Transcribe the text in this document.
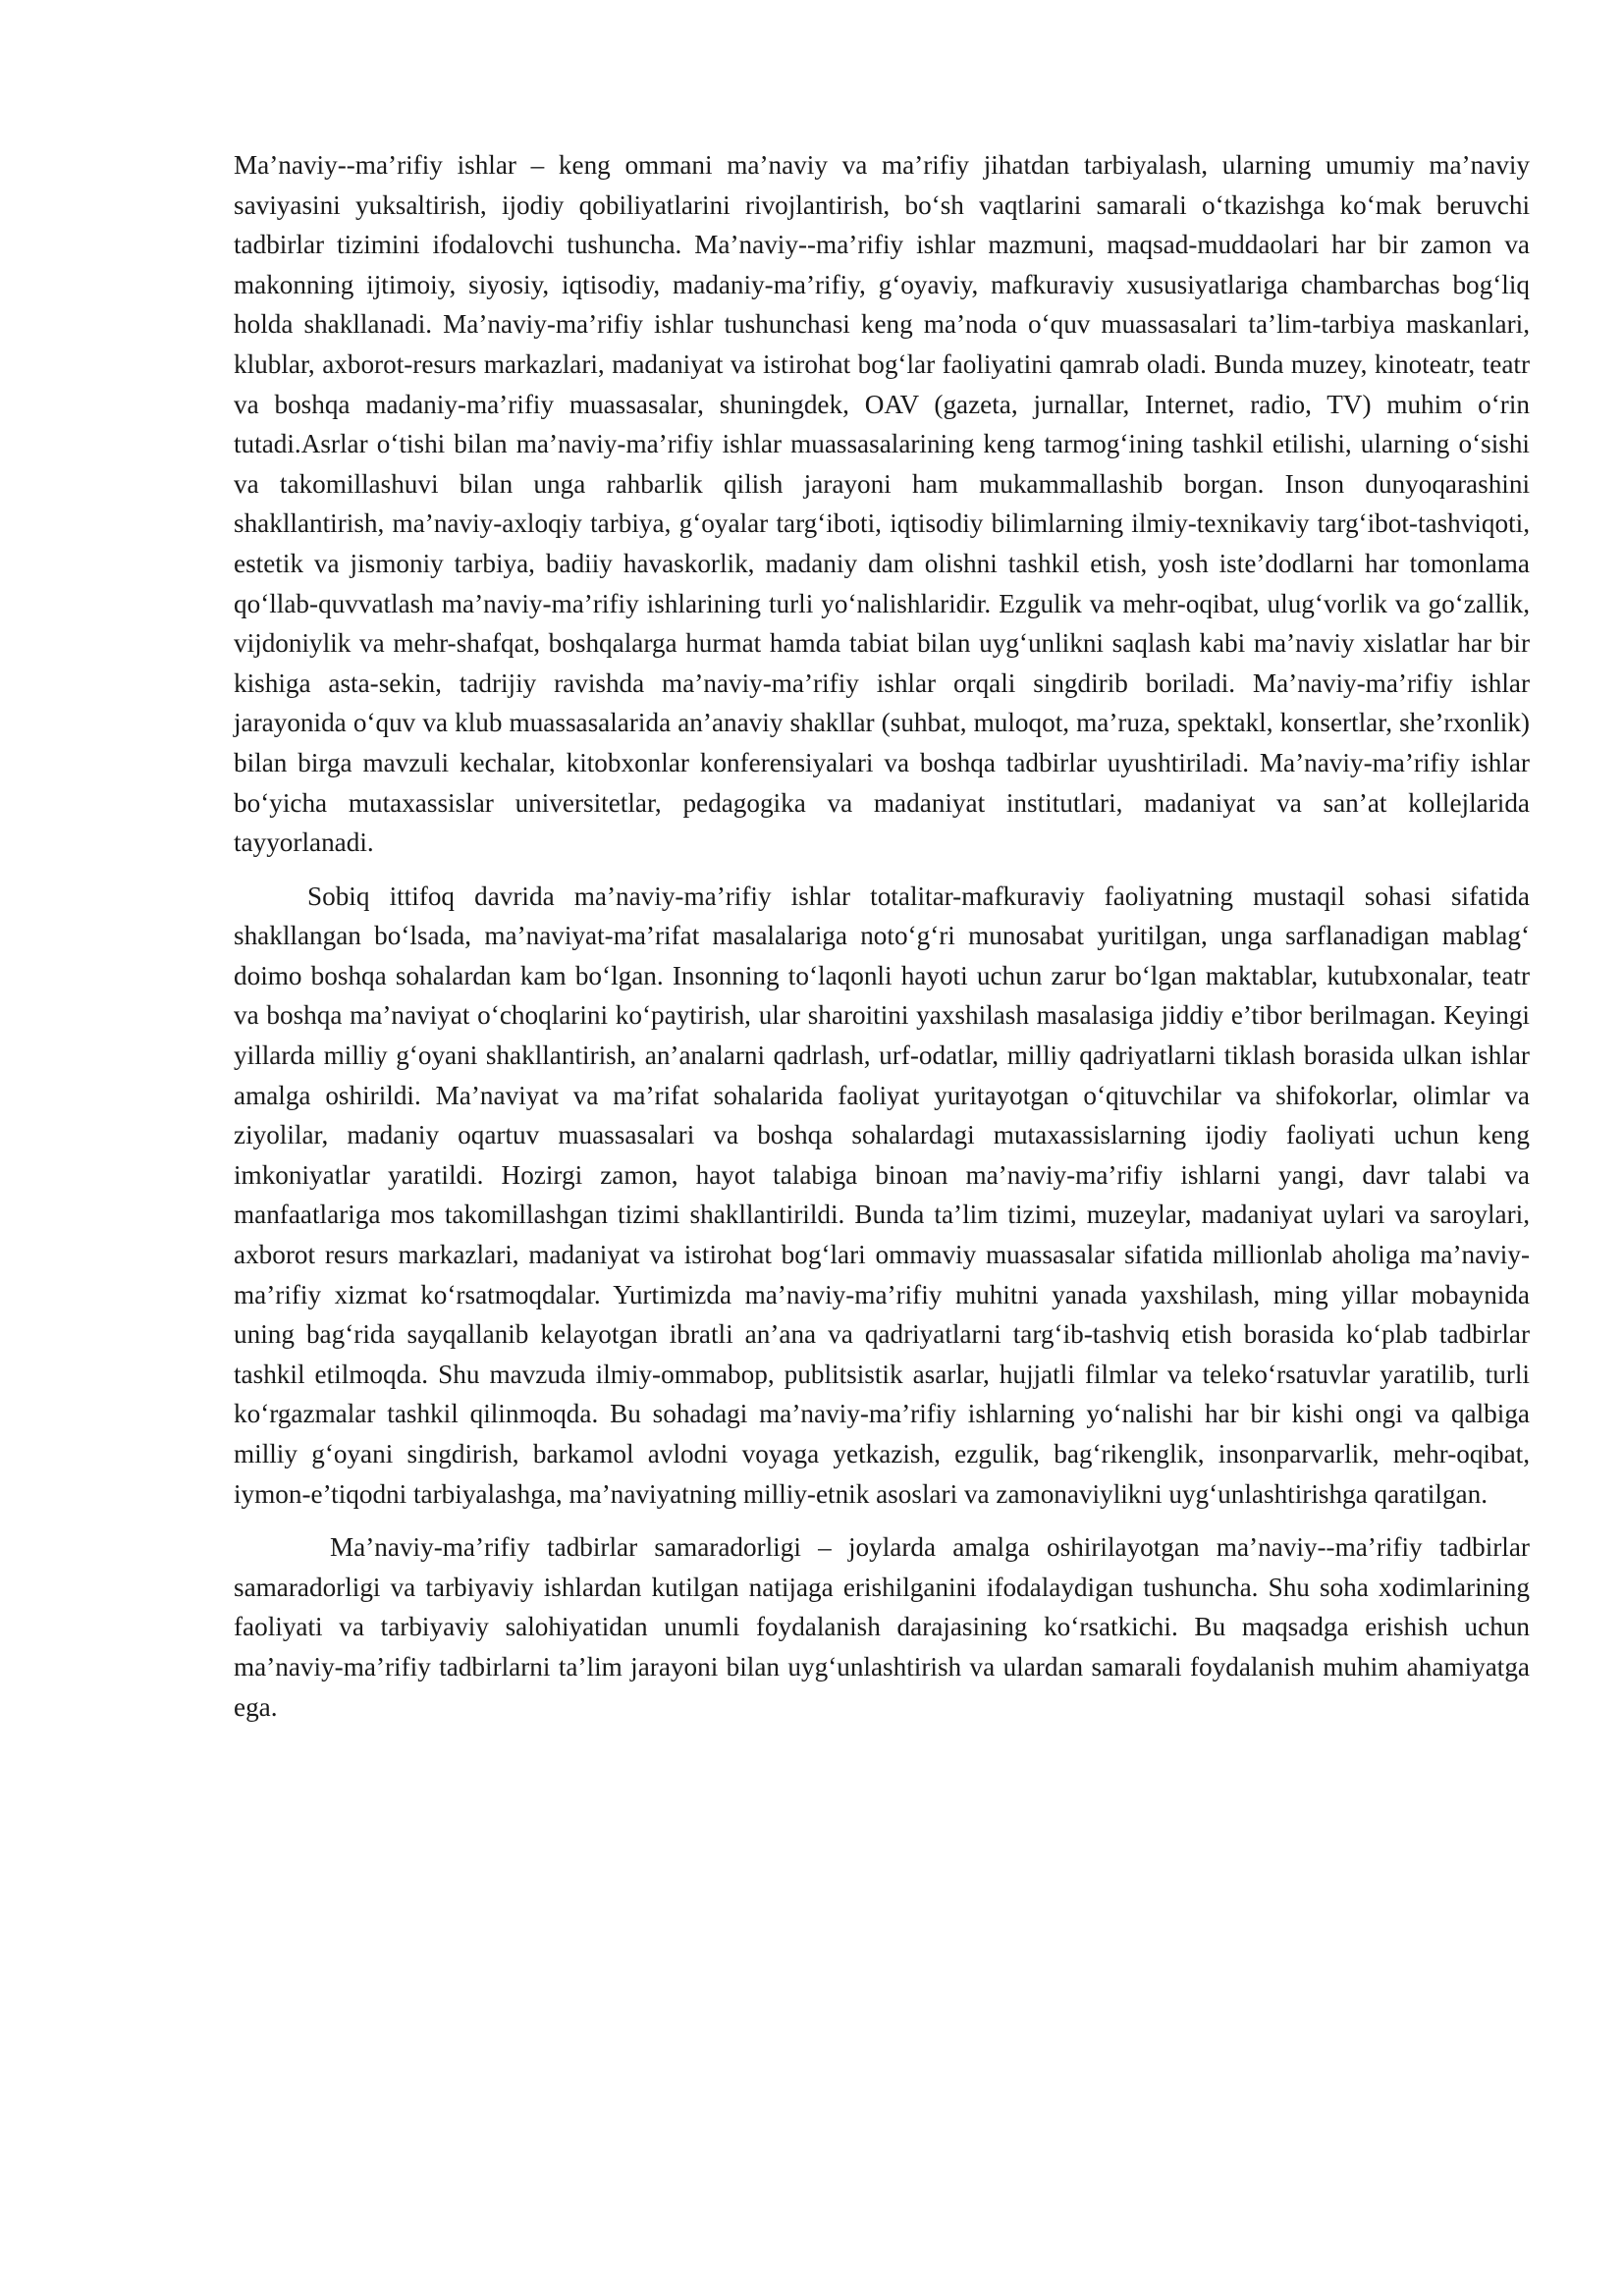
Ma’naviy--ma’rifiy ishlar – keng ommani ma’naviy va ma’rifiy jihatdan tarbiyalash, ularning umumiy ma’naviy saviyasini yuksaltirish, ijodiy qobiliyatlarini rivojlantirish, bo‘sh vaqtlarini samarali o‘tkazishga ko‘mak beruvchi tadbirlar tizimini ifodalovchi tushuncha. Ma’naviy--ma’rifiy ishlar mazmuni, maqsad-muddaolari har bir zamon va makonning ijtimoiy, siyosiy, iqtisodiy, madaniy-ma’rifiy, g‘oyaviy, mafkuraviy xususiyatlariga chambarchas bog‘liq holda shakllanadi. Ma’naviy-ma’rifiy ishlar tushunchasi keng ma’noda o‘quv muassasalari ta’lim-tarbiya maskanlari, klublar, axborot-resurs markazlari, madaniyat va istirohat bog‘lar faoliyatini qamrab oladi. Bunda muzey, kinoteatr, teatr va boshqa madaniy-ma’rifiy muassasalar, shuningdek, OAV (gazeta, jurnallar, Internet, radio, TV) muhim o‘rin tutadi.Asrlar o‘tishi bilan ma’naviy-ma’rifiy ishlar muassasalarining keng tarmog‘ining tashkil etilishi, ularning o‘sishi va takomillashuvi bilan unga rahbarlik qilish jarayoni ham mukammallashib borgan. Inson dunyoqarashini shakllantirish, ma’naviy-axloqiy tarbiya, g‘oyalar targ‘iboti, iqtisodiy bilimlarning ilmiy-texnikaviy targ‘ibot-tashviqoti, estetik va jismoniy tarbiya, badiiy havaskorlik, madaniy dam olishni tashkil etish, yosh iste’dodlarni har tomonlama qo‘llab-quvvatlash ma’naviy-ma’rifiy ishlarining turli yo‘nalishlaridir. Ezgulik va mehr-oqibat, ulug‘vorlik va go‘zallik, vijdoniylik va mehr-shafqat, boshqalarga hurmat hamda tabiat bilan uyg‘unlikni saqlash kabi ma’naviy xislatlar har bir kishiga asta-sekin, tadrijiy ravishda ma’naviy-ma’rifiy ishlar orqali singdirib boriladi. Ma’naviy-ma’rifiy ishlar jarayonida o‘quv va klub muassasalarida an’anaviy shakllar (suhbat, muloqot, ma’ruza, spektakl, konsertlar, she’rxonlik) bilan birga mavzuli kechalar, kitobxonlar konferensiyalari va boshqa tadbirlar uyushtiriladi. Ma’naviy-ma’rifiy ishlar bo‘yicha mutaxassislar universitetlar, pedagogika va madaniyat institutlari, madaniyat va san’at kollejlarida tayyorlanadi.

Sobiq ittifoq davrida ma’naviy-ma’rifiy ishlar totalitar-mafkuraviy faoliyatning mustaqil sohasi sifatida shakllangan bo‘lsada, ma’naviyat-ma’rifat masalalariga noto‘g‘ri munosabat yuritilgan, unga sarflanadigan mablag‘ doimo boshqa sohalardan kam bo‘lgan. Insonning to‘laqonli hayoti uchun zarur bo‘lgan maktablar, kutubxonalar, teatr va boshqa ma’naviyat o‘choqlarini ko‘paytirish, ular sharoitini yaxshilash masalasiga jiddiy e’tibor berilmagan. Keyingi yillarda milliy g‘oyani shakllantirish, an’analarni qadrlash, urf-odatlar, milliy qadriyatlarni tiklash borasida ulkan ishlar amalga oshirildi. Ma’naviyat va ma’rifat sohalarida faoliyat yuritayotgan o‘qituvchilar va shifokorlar, olimlar va ziyolilar, madaniy oqartuv muassasalari va boshqa sohalardagi mutaxassislarning ijodiy faoliyati uchun keng imkoniyatlar yaratildi. Hozirgi zamon, hayot talabiga binoan ma’naviy-ma’rifiy ishlarni yangi, davr talabi va manfaatlariga mos takomillashgan tizimi shakllantirildi. Bunda ta’lim tizimi, muzeylar, madaniyat uylari va saroylari, axborot resurs markazlari, madaniyat va istirohat bog‘lari ommaviy muassasalar sifatida millionlab aholiga ma’naviy-ma’rifiy xizmat ko‘rsatmoqdalar. Yurtimizda ma’naviy-ma’rifiy muhitni yanada yaxshilash, ming yillar mobaynida uning bag‘rida sayqallanib kelayotgan ibratli an’ana va qadriyatlarni targ‘ib-tashviq etish borasida ko‘plab tadbirlar tashkil etilmoqda. Shu mavzuda ilmiy-ommabop, publitsistik asarlar, hujjatli filmlar va teleko‘rsatuvlar yaratilib, turli ko‘rgazmalar tashkil qilinmoqda. Bu sohadagi ma’naviy-ma’rifiy ishlarning yo‘nalishi har bir kishi ongi va qalbiga milliy g‘oyani singdirish, barkamol avlodni voyaga yetkazish, ezgulik, bag‘rikenglik, insonparvarlik, mehr-oqibat, iymon-e’tiqodni tarbiyalashga, ma’naviyatning milliy-etnik asoslari va zamonaviylikni uyg‘unlashtirishga qaratilgan.

Ma’naviy-ma’rifiy tadbirlar samaradorligi – joylarda amalga oshirilayotgan ma’naviy--ma’rifiy tadbirlar samaradorligi va tarbiyaviy ishlardan kutilgan natijaga erishilganini ifodalaydigan tushuncha. Shu soha xodimlarining faoliyati va tarbiyaviy salohiyatidan unumli foydalanish darajasining ko‘rsatkichi. Bu maqsadga erishish uchun ma’naviy-ma’rifiy tadbirlarni ta’lim jarayoni bilan uyg‘unlashtirish va ulardan samarali foydalanish muhim ahamiyatga ega.
